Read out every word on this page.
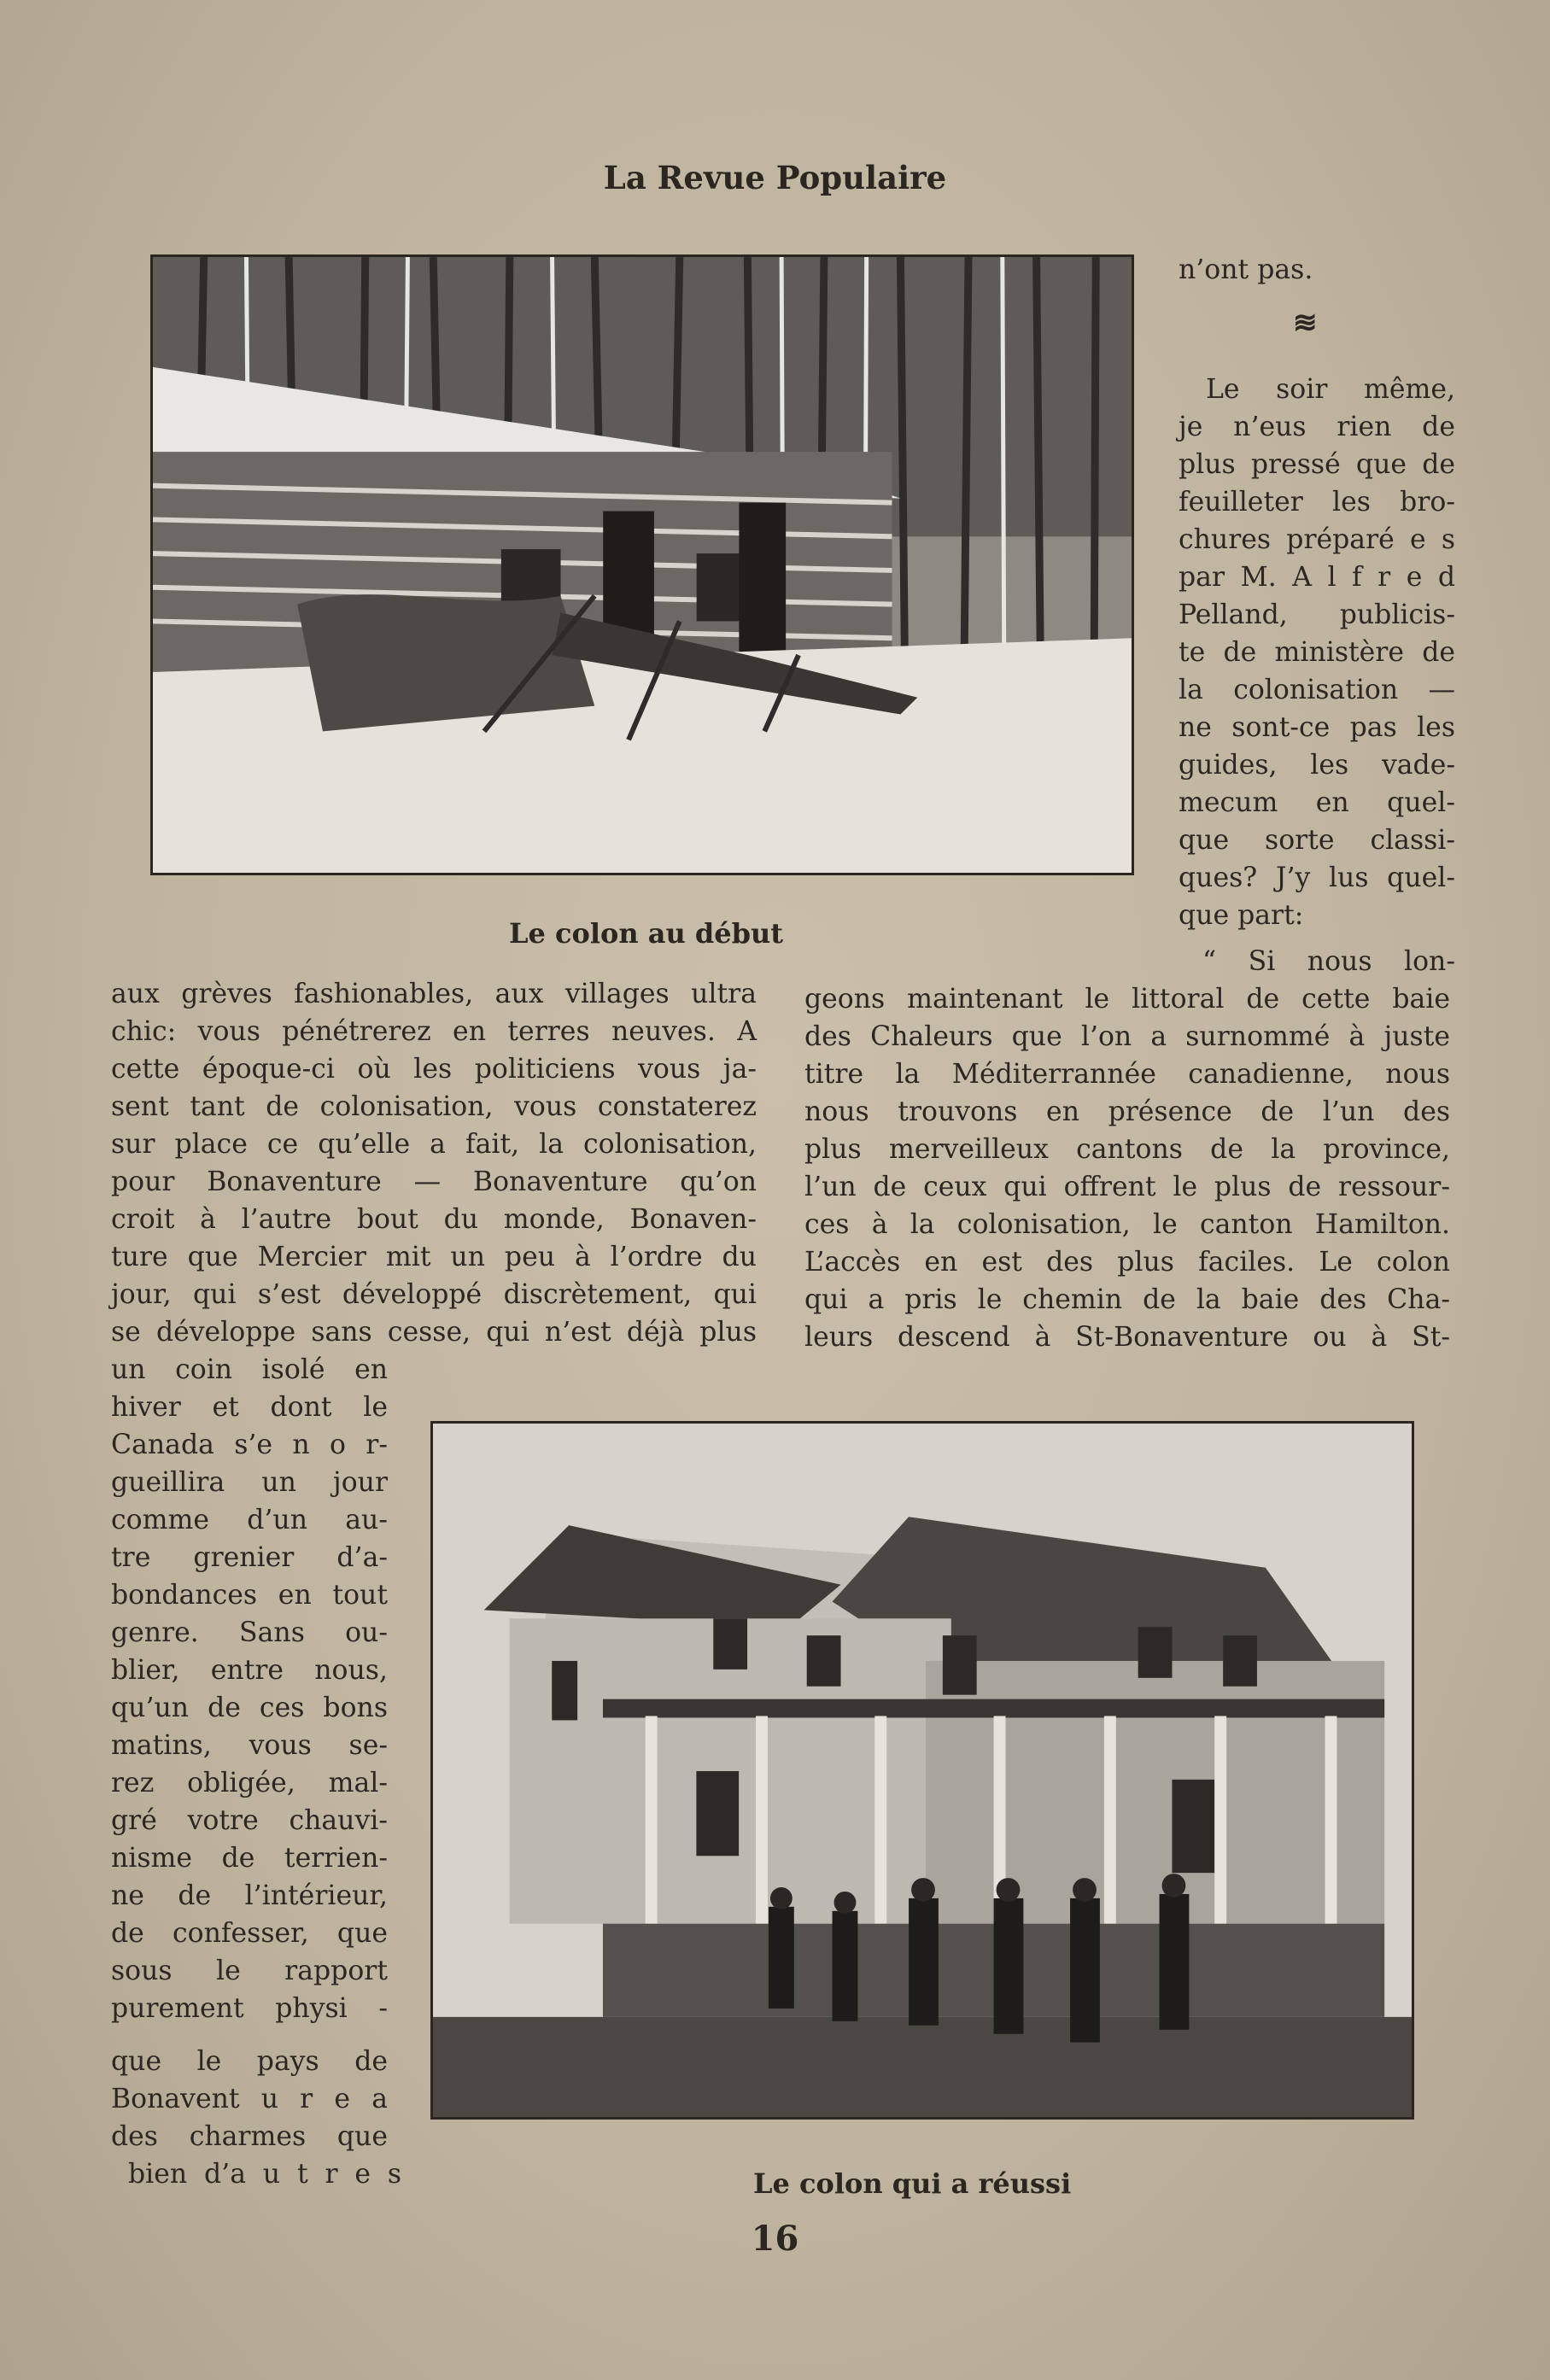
La Revue Populaire
Le colon au début
n’ont pas.
≋
Le soir même,
je n’eus rien de
plus pressé que de
feuilleter les bro-
chures préparé e s
par M. A l f r e d
Pelland, publicis-
te de ministère de
la colonisation —
ne sont-ce pas les
guides, les vade-
mecum en quel-
que sorte classi-
ques? J’y lus quel-
que part:
“ Si nous lon-
aux grèves fashionables, aux villages ultra
chic: vous pénétrerez en terres neuves. A
cette époque-ci où les politiciens vous ja-
sent tant de colonisation, vous constaterez
sur place ce qu’elle a fait, la colonisation,
pour Bonaventure — Bonaventure qu’on
croit à l’autre bout du monde, Bonaven-
ture que Mercier mit un peu à l’ordre du
jour, qui s’est développé discrètement, qui
se développe sans cesse, qui n’est déjà plus
geons maintenant le littoral de cette baie
des Chaleurs que l’on a surnommé à juste
titre la Méditerrannée canadienne, nous
nous trouvons en présence de l’un des
plus merveilleux cantons de la province,
l’un de ceux qui offrent le plus de ressour-
ces à la colonisation, le canton Hamilton.
L’accès en est des plus faciles. Le colon
qui a pris le chemin de la baie des Cha-
leurs descend à St-Bonaventure ou à St-
un coin isolé en
hiver et dont le
Canada s’e n o r-
gueillira un jour
comme d’un au-
tre grenier d’a-
bondances en tout
genre. Sans ou-
blier, entre nous,
qu’un de ces bons
matins, vous se-
rez obligée, mal-
gré votre chauvi-
nisme de terrien-
ne de l’intérieur,
de confesser, que
sous le rapport
purement physi -
que le pays de
Bonavent u r e a
des charmes que
bien d’a u t r e s	Le colon qui a réussi
16
